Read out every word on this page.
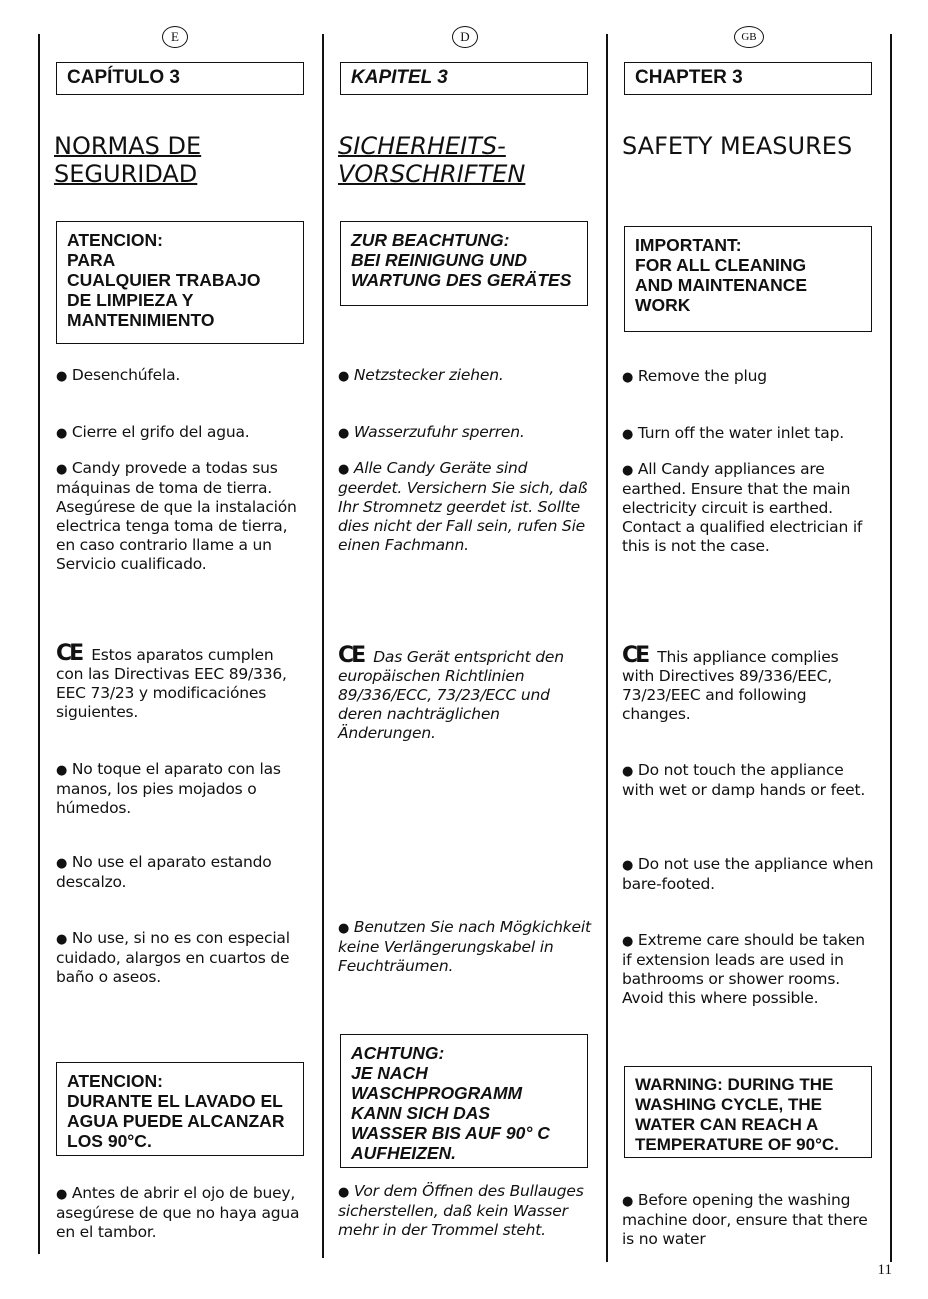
E
CAPÍTULO 3
NORMAS DE
SEGURIDAD
ATENCION:
PARA
CUALQUIER TRABAJO
DE LIMPIEZA Y
MANTENIMIENTO
● Desenchúfela.
● Cierre el grifo del agua.
● Candy provede a todas sus máquinas de toma de tierra. Asegúrese de que la instalación electrica tenga toma de tierra, en caso contrario llame a un Servicio cualificado.
CE Estos aparatos cumplen con las Directivas EEC 89/336, EEC 73/23 y modificaciónes siguientes.
● No toque el aparato con las manos, los pies mojados o húmedos.
● No use el aparato estando descalzo.
● No use, si no es con especial cuidado, alargos en cuartos de baño o aseos.
ATENCION:
DURANTE EL LAVADO EL
AGUA PUEDE ALCANZAR
LOS 90°C.
● Antes de abrir el ojo de buey, asegúrese de que no haya agua en el tambor.
D
KAPITEL 3
SICHERHEITS-
VORSCHRIFTEN
ZUR BEACHTUNG:
BEI REINIGUNG UND
WARTUNG DES GERÄTES
● Netzstecker ziehen.
● Wasserzufuhr sperren.
● Alle Candy Geräte sind geerdet. Versichern Sie sich, daß Ihr Stromnetz geerdet ist. Sollte dies nicht der Fall sein, rufen Sie einen Fachmann.
CE Das Gerät entspricht den europäischen Richtlinien 89/336/ECC, 73/23/ECC und deren nachträglichen Änderungen.
● Benutzen Sie nach Mögkichkeit keine Verlängerungskabel in Feuchträumen.
ACHTUNG:
JE NACH
WASCHPROGRAMM
KANN SICH DAS
WASSER BIS AUF 90° C
AUFHEIZEN.
● Vor dem Öffnen des Bullauges sicherstellen, daß kein Wasser mehr in der Trommel steht.
GB
CHAPTER 3
SAFETY MEASURES
IMPORTANT:
FOR ALL CLEANING
AND MAINTENANCE
WORK
● Remove the plug
● Turn off the water inlet tap.
● All Candy appliances are earthed. Ensure that the main electricity circuit is earthed. Contact a qualified electrician if this is not the case.
CE This appliance complies with Directives 89/336/EEC, 73/23/EEC and following changes.
● Do not touch the appliance with wet or damp hands or feet.
● Do not use the appliance when bare-footed.
● Extreme care should be taken if extension leads are used in bathrooms or shower rooms. Avoid this where possible.
WARNING: DURING THE
WASHING CYCLE, THE
WATER CAN REACH A
TEMPERATURE OF 90°C.
● Before opening the washing machine door, ensure that there is no water
11
